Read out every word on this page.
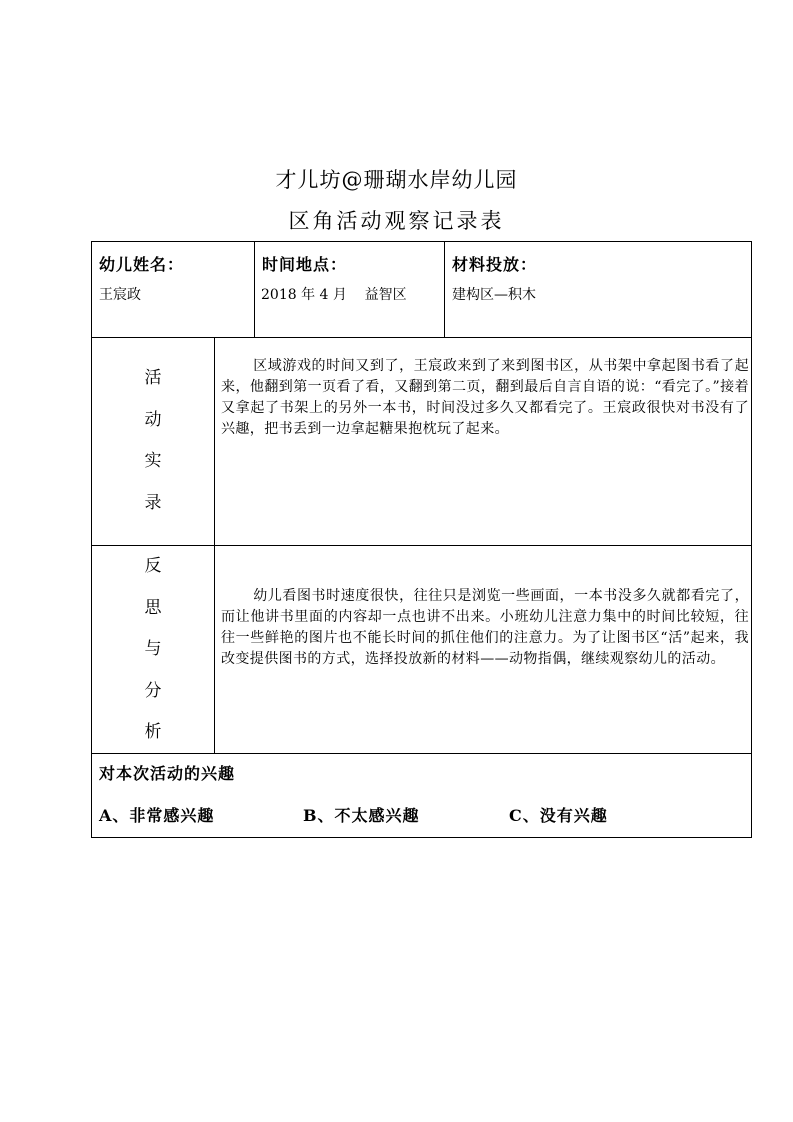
才儿坊@珊瑚水岸幼儿园
区角活动观察记录表
幼儿姓名：
王宸政
时间地点：
2018 年 4 月    益智区
材料投放：
建构区—积木
活
动
实
录
区域游戏的时间又到了，王宸政来到了来到图书区，从书架中拿起图书看了起来，他翻到第一页看了看，又翻到第二页，翻到最后自言自语的说：“看完了。”接着又拿起了书架上的另外一本书，时间没过多久又都看完了。王宸政很快对书没有了兴趣，把书丢到一边拿起糖果抱枕玩了起来。
反
思
与
分
析
幼儿看图书时速度很快，往往只是浏览一些画面，一本书没多久就都看完了，而让他讲书里面的内容却一点也讲不出来。小班幼儿注意力集中的时间比较短，往往一些鲜艳的图片也不能长时间的抓住他们的注意力。为了让图书区“活”起来，我改变提供图书的方式，选择投放新的材料——动物指偶，继续观察幼儿的活动。
对本次活动的兴趣
A、非常感兴趣	B、不太感兴趣	C、没有兴趣
